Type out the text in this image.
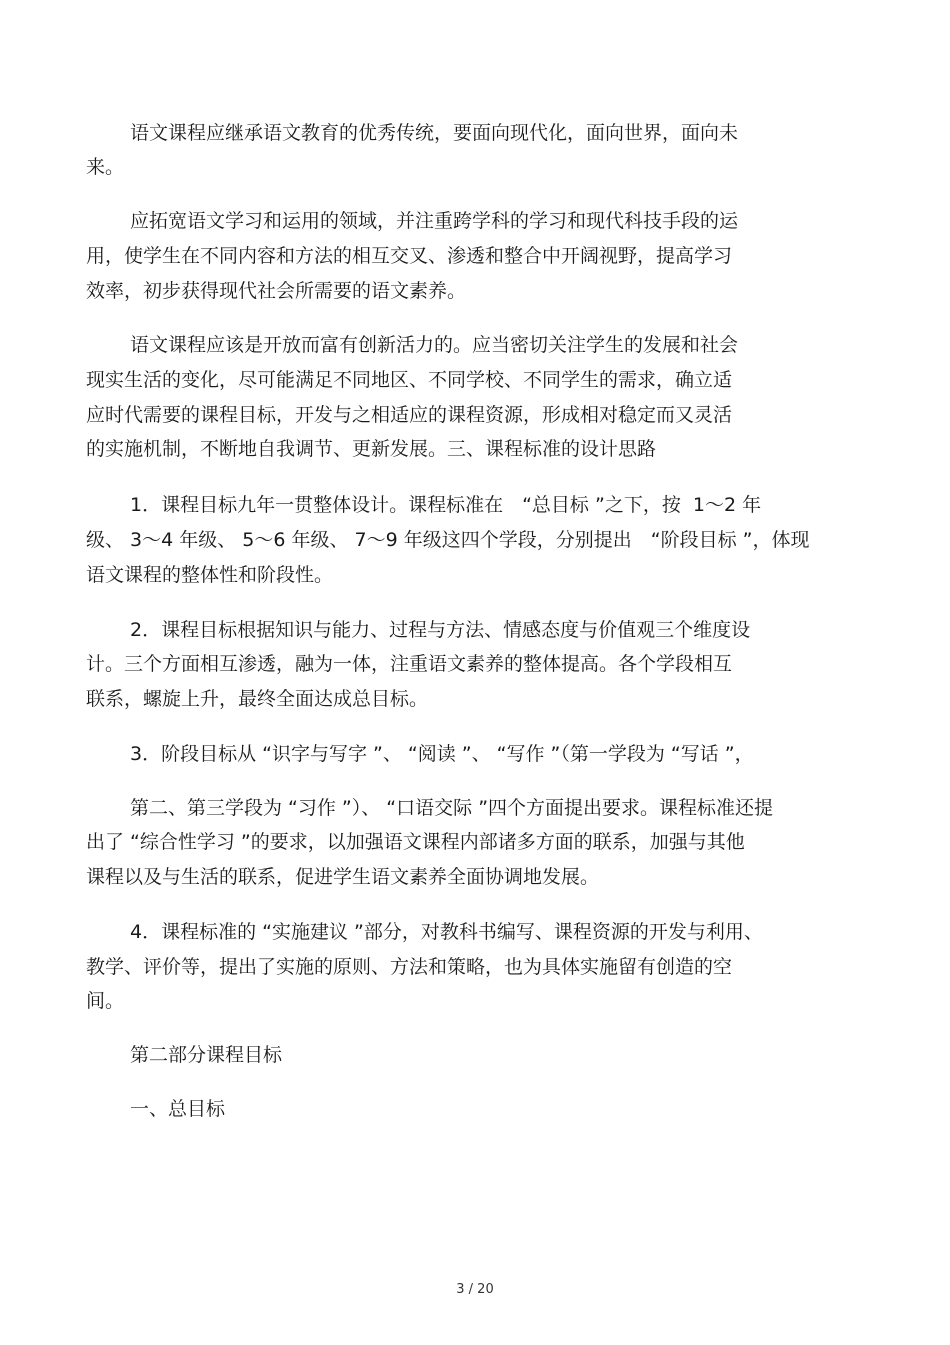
语文课程应继承语文教育的优秀传统，要面向现代化，面向世界，面向未
来。
应拓宽语文学习和运用的领域，并注重跨学科的学习和现代科技手段的运
用，使学生在不同内容和方法的相互交叉、渗透和整合中开阔视野，提高学习
效率，初步获得现代社会所需要的语文素养。
语文课程应该是开放而富有创新活力的。应当密切关注学生的发展和社会
现实生活的变化，尽可能满足不同地区、不同学校、不同学生的需求，确立适
应时代需要的课程目标，开发与之相适应的课程资源，形成相对稳定而又灵活
的实施机制，不断地自我调节、更新发展。三、课程标准的设计思路
1．课程目标九年一贯整体设计。课程标准在　“总目标 ”之下，按  1～2 年
级、 3～4 年级、 5～6 年级、 7～9 年级这四个学段，分别提出　“阶段目标 ”，体现
语文课程的整体性和阶段性。
2．课程目标根据知识与能力、过程与方法、情感态度与价值观三个维度设
计。三个方面相互渗透，融为一体，注重语文素养的整体提高。各个学段相互
联系，螺旋上升，最终全面达成总目标。
3．阶段目标从 “识字与写字 ”、 “阅读 ”、 “写作 ”（第一学段为 “写话 ”，
第二、第三学段为 “习作 ”）、 “口语交际 ”四个方面提出要求。课程标准还提
出了 “综合性学习 ”的要求，以加强语文课程内部诸多方面的联系，加强与其他
课程以及与生活的联系，促进学生语文素养全面协调地发展。
4．课程标准的 “实施建议 ”部分，对教科书编写、课程资源的开发与利用、
教学、评价等，提出了实施的原则、方法和策略，也为具体实施留有创造的空
间。
第二部分课程目标
一、总目标
3 / 20
